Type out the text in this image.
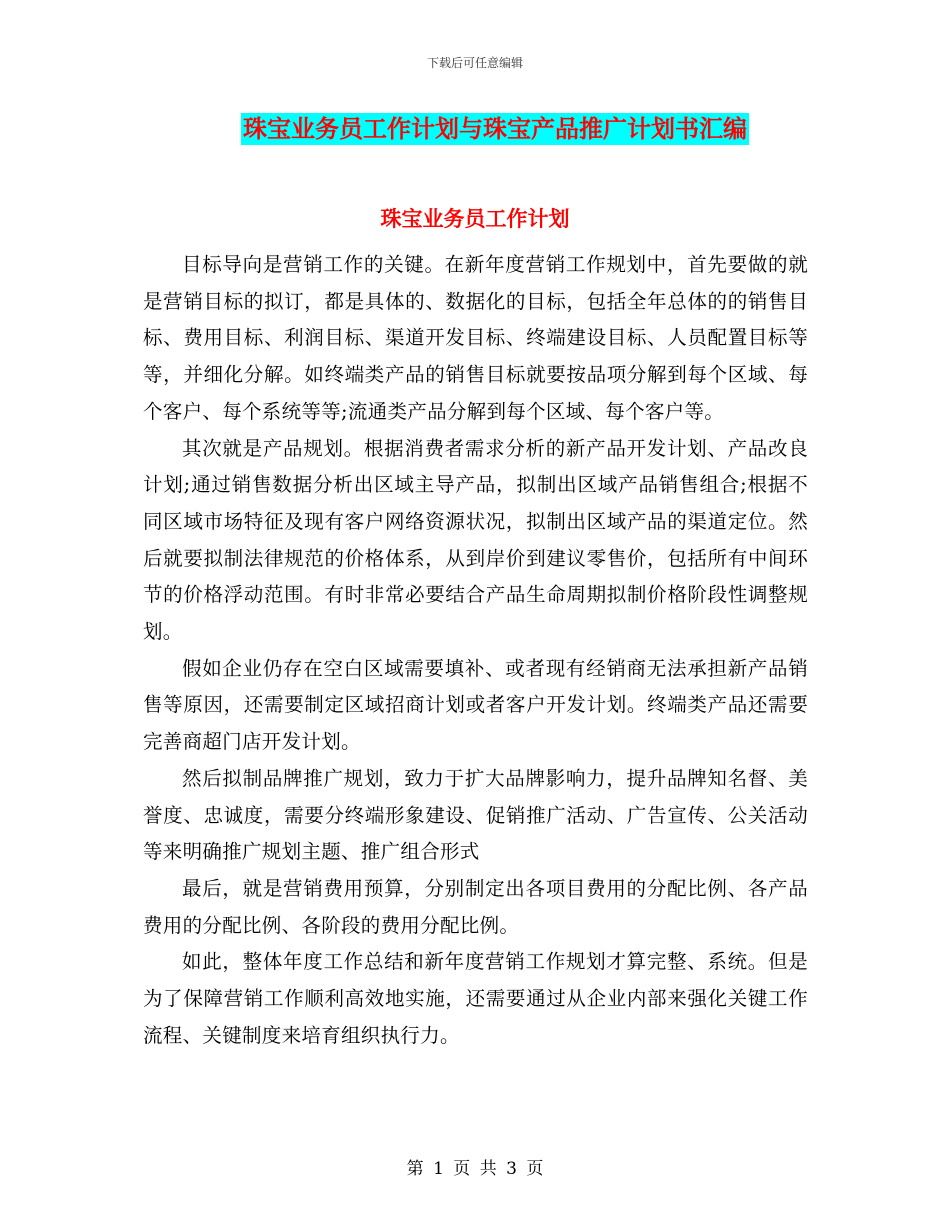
下载后可任意编辑
珠宝业务员工作计划与珠宝产品推广计划书汇编
珠宝业务员工作计划

目标导向是营销工作的关键。在新年度营销工作规划中，首先要做的就是营销目标的拟订，都是具体的、数据化的目标，包括全年总体的的销售目标、费用目标、利润目标、渠道开发目标、终端建设目标、人员配置目标等等，并细化分解。如终端类产品的销售目标就要按品项分解到每个区域、每个客户、每个系统等等;流通类产品分解到每个区域、每个客户等。

其次就是产品规划。根据消费者需求分析的新产品开发计划、产品改良计划;通过销售数据分析出区域主导产品，拟制出区域产品销售组合;根据不同区域市场特征及现有客户网络资源状况，拟制出区域产品的渠道定位。然后就要拟制法律规范的价格体系，从到岸价到建议零售价，包括所有中间环节的价格浮动范围。有时非常必要结合产品生命周期拟制价格阶段性调整规划。

假如企业仍存在空白区域需要填补、或者现有经销商无法承担新产品销售等原因，还需要制定区域招商计划或者客户开发计划。终端类产品还需要完善商超门店开发计划。

然后拟制品牌推广规划，致力于扩大品牌影响力，提升品牌知名督、美誉度、忠诚度，需要分终端形象建设、促销推广活动、广告宣传、公关活动等来明确推广规划主题、推广组合形式

最后，就是营销费用预算，分别制定出各项目费用的分配比例、各产品费用的分配比例、各阶段的费用分配比例。

如此，整体年度工作总结和新年度营销工作规划才算完整、系统。但是为了保障营销工作顺利高效地实施，还需要通过从企业内部来强化关键工作流程、关键制度来培育组织执行力。

第 1 页 共 3 页
